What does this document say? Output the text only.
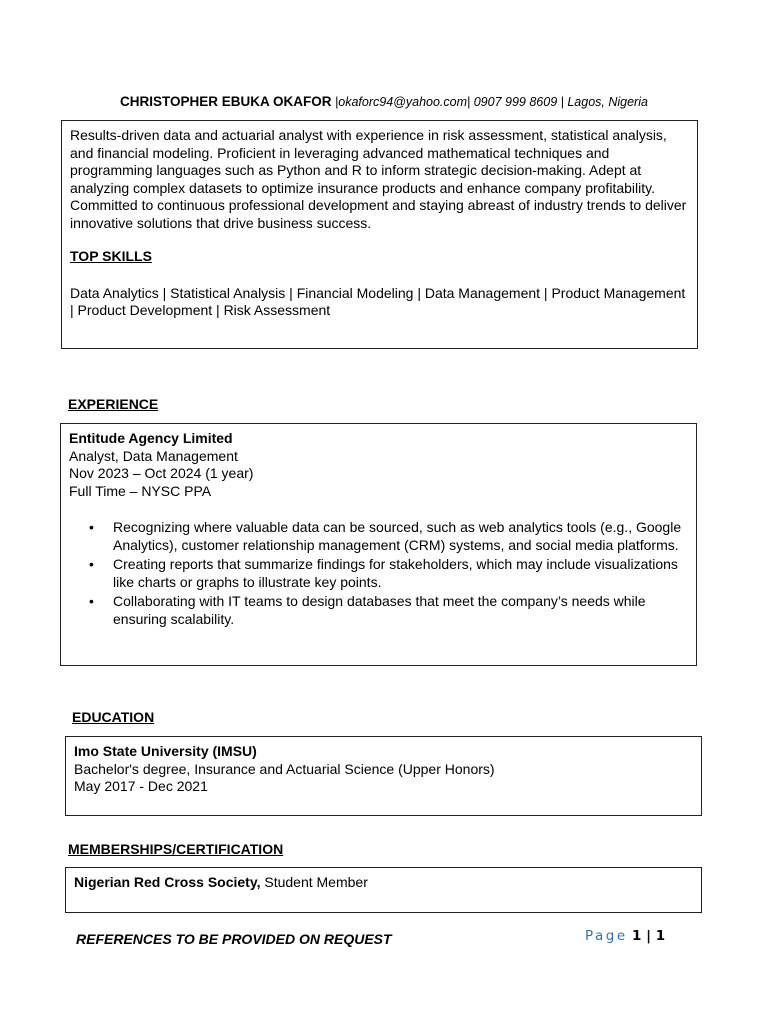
CHRISTOPHER EBUKA OKAFOR |okaforc94@yahoo.com| 0907 999 8609 | Lagos, Nigeria
Results-driven data and actuarial analyst with experience in risk assessment, statistical analysis, and financial modeling. Proficient in leveraging advanced mathematical techniques and programming languages such as Python and R to inform strategic decision-making. Adept at analyzing complex datasets to optimize insurance products and enhance company profitability. Committed to continuous professional development and staying abreast of industry trends to deliver innovative solutions that drive business success.
TOP SKILLS
Data Analytics | Statistical Analysis | Financial Modeling | Data Management | Product Management | Product Development | Risk Assessment
EXPERIENCE
Entitude Agency Limited
Analyst, Data Management
Nov 2023 – Oct 2024 (1 year)
Full Time – NYSC PPA
• Recognizing where valuable data can be sourced, such as web analytics tools (e.g., Google Analytics), customer relationship management (CRM) systems, and social media platforms.
• Creating reports that summarize findings for stakeholders, which may include visualizations like charts or graphs to illustrate key points.
• Collaborating with IT teams to design databases that meet the company’s needs while ensuring scalability.
EDUCATION
Imo State University (IMSU)
Bachelor's degree, Insurance and Actuarial Science (Upper Honors)
May 2017 - Dec 2021
MEMBERSHIPS/CERTIFICATION
Nigerian Red Cross Society, Student Member
REFERENCES TO BE PROVIDED ON REQUEST	Page 1 | 1
